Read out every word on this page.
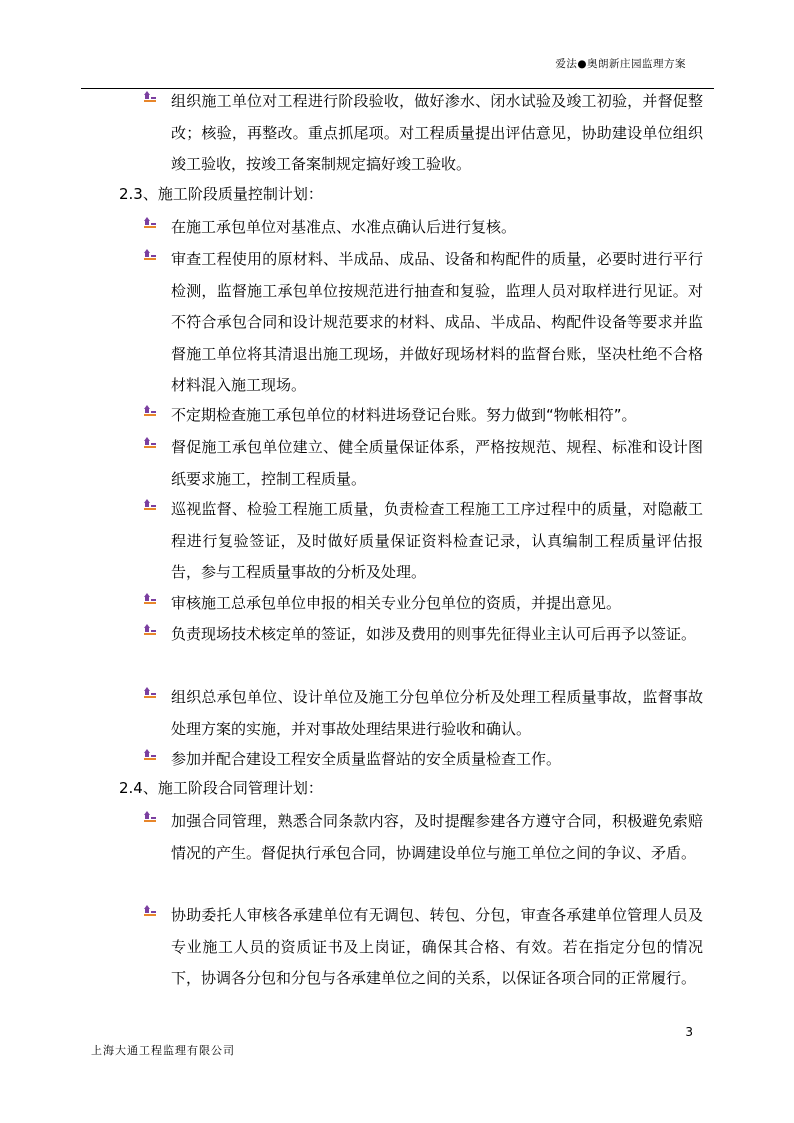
爱法●奥朗新庄园监理方案
组织施工单位对工程进行阶段验收，做好渗水、闭水试验及竣工初验，并督促整改；核验，再整改。重点抓尾项。对工程质量提出评估意见，协助建设单位组织竣工验收，按竣工备案制规定搞好竣工验收。
2.3、施工阶段质量控制计划：
在施工承包单位对基准点、水准点确认后进行复核。
审查工程使用的原材料、半成品、成品、设备和构配件的质量，必要时进行平行检测，监督施工承包单位按规范进行抽查和复验，监理人员对取样进行见证。对不符合承包合同和设计规范要求的材料、成品、半成品、构配件设备等要求并监督施工单位将其清退出施工现场，并做好现场材料的监督台账，坚决杜绝不合格材料混入施工现场。
不定期检查施工承包单位的材料进场登记台账。努力做到“物帐相符”。
督促施工承包单位建立、健全质量保证体系，严格按规范、规程、标准和设计图纸要求施工，控制工程质量。
巡视监督、检验工程施工质量，负责检查工程施工工序过程中的质量，对隐蔽工程进行复验签证，及时做好质量保证资料检查记录，认真编制工程质量评估报告，参与工程质量事故的分析及处理。
审核施工总承包单位申报的相关专业分包单位的资质，并提出意见。
负责现场技术核定单的签证，如涉及费用的则事先征得业主认可后再予以签证。
组织总承包单位、设计单位及施工分包单位分析及处理工程质量事故，监督事故处理方案的实施，并对事故处理结果进行验收和确认。
参加并配合建设工程安全质量监督站的安全质量检查工作。
2.4、施工阶段合同管理计划：
加强合同管理，熟悉合同条款内容，及时提醒参建各方遵守合同，积极避免索赔情况的产生。督促执行承包合同，协调建设单位与施工单位之间的争议、矛盾。
协助委托人审核各承建单位有无调包、转包、分包，审查各承建单位管理人员及专业施工人员的资质证书及上岗证，确保其合格、有效。若在指定分包的情况下，协调各分包和分包与各承建单位之间的关系，以保证各项合同的正常履行。
3
上海大通工程监理有限公司
